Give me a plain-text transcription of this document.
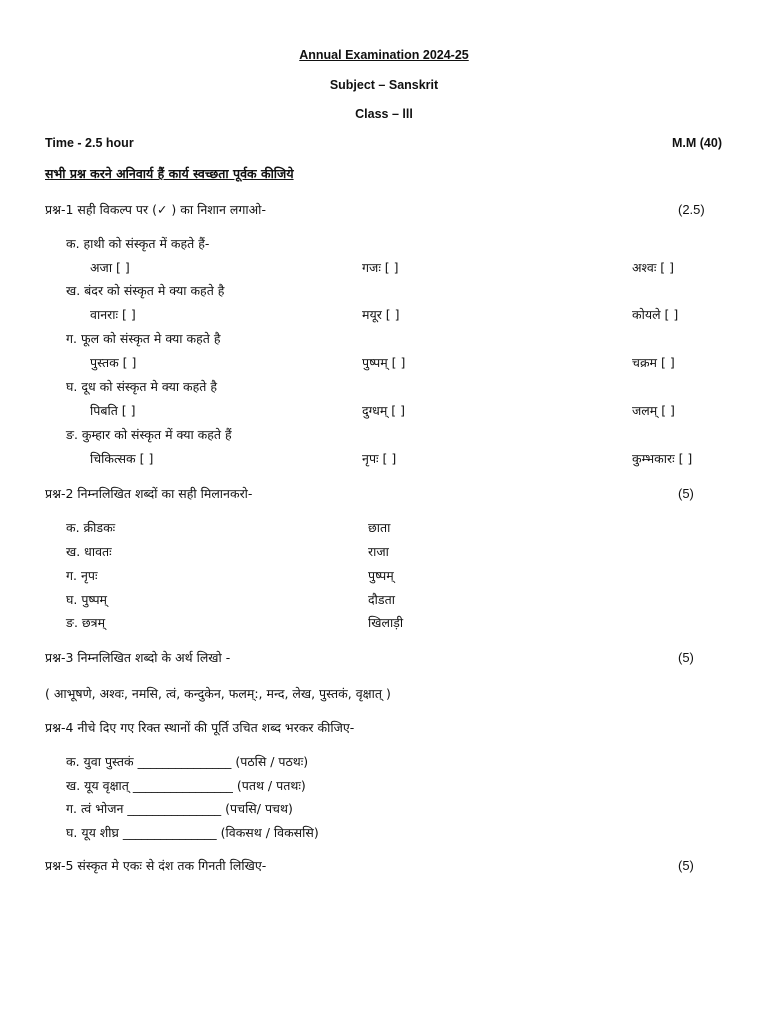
Annual Examination 2024-25
Subject – Sanskrit
Class – lll
Time - 2.5 hour	M.M (40)
सभी प्रश्न करने अनिवार्य हैं कार्य स्वच्छता पूर्वक कीजिये
प्रश्न-1 सही विकल्प पर (✓ ) का निशान लगाओ-	(2.5)
क. हाथी को संस्कृत में कहते हैं-
अजा [ ]	गजः [ ]	अश्वः [ ]
ख. बंदर को संस्कृत मे क्या कहते है
वानराः [ ]	मयूर [ ]	कोयले [ ]
ग. फूल को संस्कृत मे क्या कहते है
पुस्तक [ ]	पुष्पम् [ ]	चक्रम [ ]
घ. दूध को संस्कृत मे क्या कहते है
पिबति [ ]	दुग्धम् [ ]	जलम् [ ]
ङ. कुम्हार को संस्कृत में क्या कहते हैं
चिकित्सक [ ]	नृपः [ ]	कुम्भकारः [ ]
प्रश्न-2 निम्नलिखित शब्दों का सही मिलानकरो-	(5)
क. क्रीडकः	छाता
ख. धावतः	राजा
ग. नृपः	पुष्पम्
घ. पुष्पम्	दौडता
ङ. छत्रम्	खिलाड़ी
प्रश्न-3 निम्नलिखित शब्दो के अर्थ लिखो -	(5)
( आभूषणे, अश्वः, नमसि, त्वं, कन्दुकेन, फलम्:, मन्द, लेख, पुस्तकं, वृक्षात् )
प्रश्न-4 नीचे दिए गए रिक्त स्थानों की पूर्ति उचित शब्द भरकर कीजिए-
क. युवा पुस्तकं _______________ (पठसि / पठथः)
ख. यूय वृक्षात् ________________ (पतथ / पतथः)
ग. त्वं भोजन _______________ (पचसि/ पचथ)
घ. यूय शीघ्र _______________ (विकसथ / विकससि)
प्रश्न-5 संस्कृत मे एकः से दंश तक गिनती लिखिए-	(5)
